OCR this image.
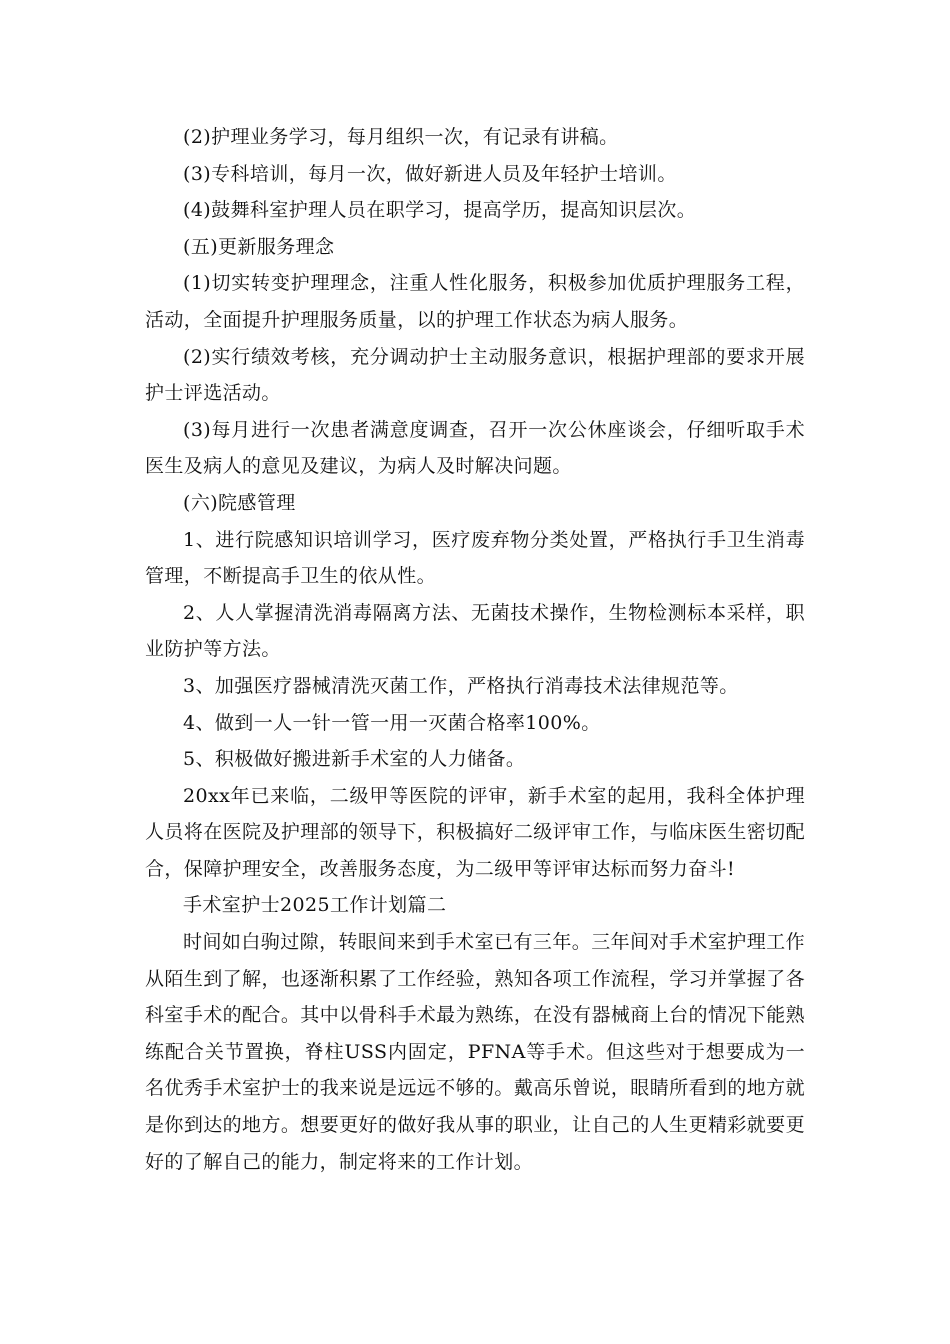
(2)护理业务学习，每月组织一次，有记录有讲稿。

(3)专科培训，每月一次，做好新进人员及年轻护士培训。

(4)鼓舞科室护理人员在职学习，提高学历，提高知识层次。

(五)更新服务理念

(1)切实转变护理理念，注重人性化服务，积极参加优质护理服务工程，活动，全面提升护理服务质量，以的护理工作状态为病人服务。

(2)实行绩效考核，充分调动护士主动服务意识，根据护理部的要求开展护士评选活动。

(3)每月进行一次患者满意度调查，召开一次公休座谈会，仔细听取手术医生及病人的意见及建议，为病人及时解决问题。

(六)院感管理

1、进行院感知识培训学习，医疗废弃物分类处置，严格执行手卫生消毒管理，不断提高手卫生的依从性。

2、人人掌握清洗消毒隔离方法、无菌技术操作，生物检测标本采样，职业防护等方法。

3、加强医疗器械清洗灭菌工作，严格执行消毒技术法律规范等。

4、做到一人一针一管一用一灭菌合格率100%。

5、积极做好搬进新手术室的人力储备。

20xx年已来临，二级甲等医院的评审，新手术室的起用，我科全体护理人员将在医院及护理部的领导下，积极搞好二级评审工作，与临床医生密切配合，保障护理安全，改善服务态度，为二级甲等评审达标而努力奋斗!

手术室护士2025工作计划篇二

时间如白驹过隙，转眼间来到手术室已有三年。三年间对手术室护理工作从陌生到了解，也逐渐积累了工作经验，熟知各项工作流程，学习并掌握了各科室手术的配合。其中以骨科手术最为熟练，在没有器械商上台的情况下能熟练配合关节置换，脊柱USS内固定，PFNA等手术。但这些对于想要成为一名优秀手术室护士的我来说是远远不够的。戴高乐曾说，眼睛所看到的地方就是你到达的地方。想要更好的做好我从事的职业，让自己的人生更精彩就要更好的了解自己的能力，制定将来的工作计划。
